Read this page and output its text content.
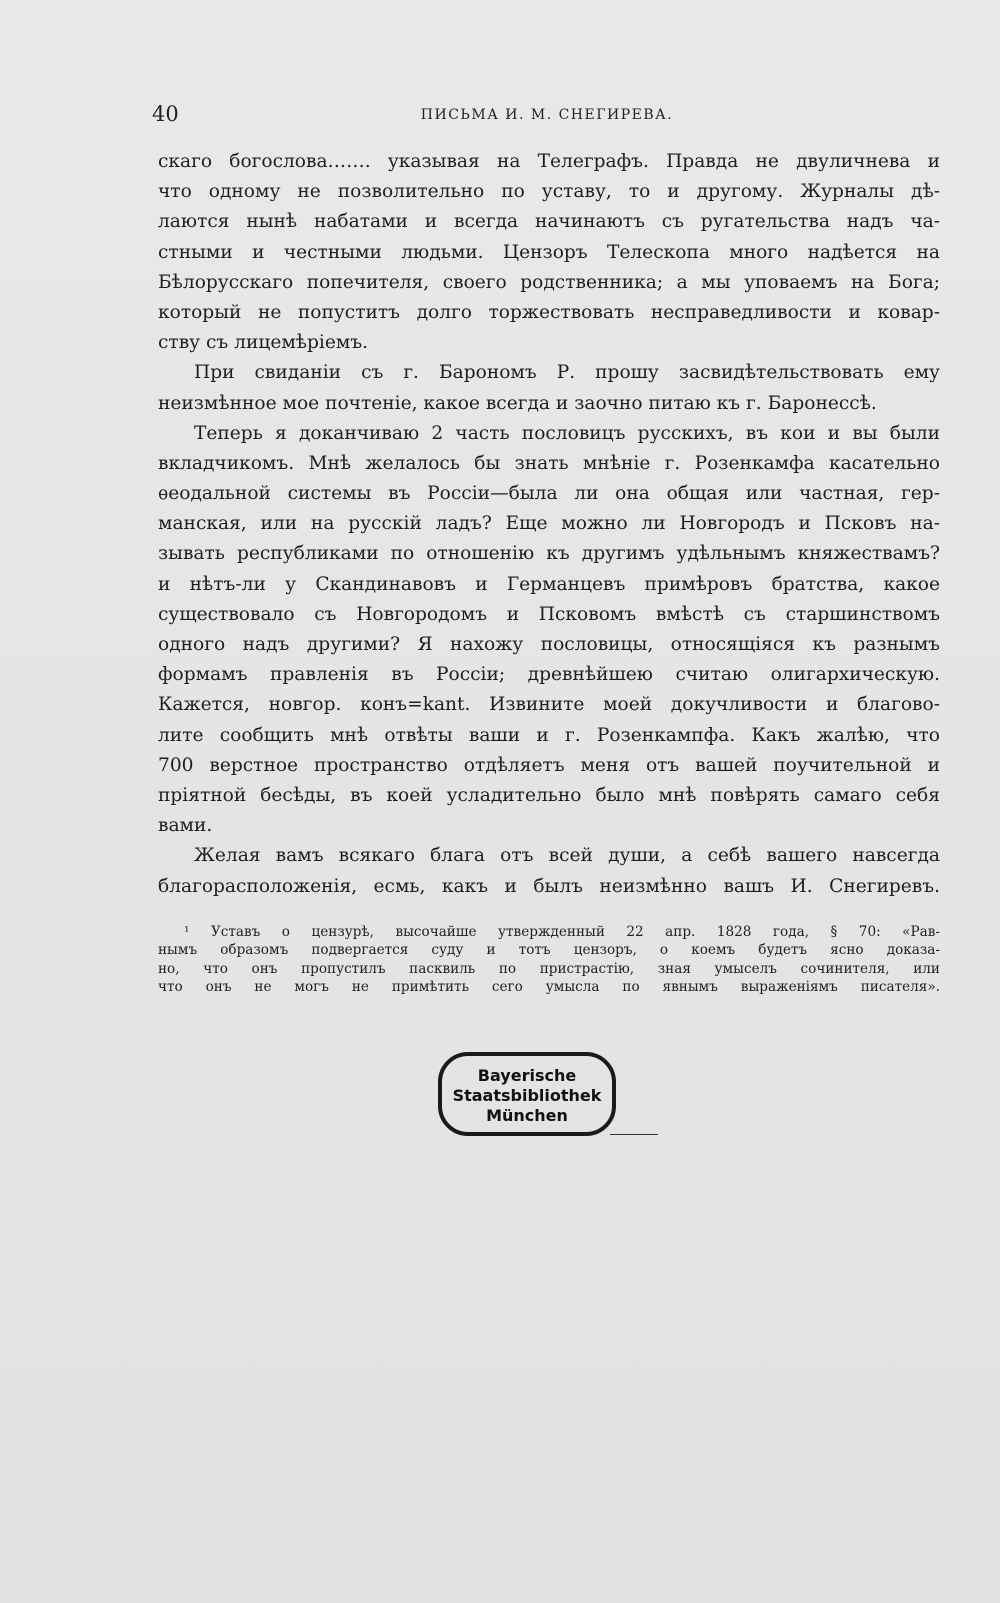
40	ПИСЬМА И. М. СНЕГИРЕВА.
скаго богослова……. указывая на Телеграфъ. Правда не двуличнева и
что одному не позволительно по уставу, то и другому. Журналы дѣ-
лаются нынѣ набатами и всегда начинаютъ съ ругательства надъ ча-
стными и честными людьми. Цензоръ Телескопа много надѣется на
Бѣлорусскаго попечителя, своего родственника; а мы уповаемъ на Бога;
который не попуститъ долго торжествовать несправедливости и ковар-
ству съ лицемѣріемъ.
При свиданіи съ г. Барономъ Р. прошу засвидѣтельствовать ему
неизмѣнное мое почтеніе, какое всегда и заочно питаю къ г. Баронессѣ.
Теперь я доканчиваю 2 часть пословицъ русскихъ, въ кои и вы были
вкладчикомъ. Мнѣ желалось бы знать мнѣніе г. Розенкамфа касательно
ѳеодальной системы въ Россіи—была ли она общая или частная, гер-
манская, или на русскій ладъ? Еще можно ли Новгородъ и Псковъ на-
зывать республиками по отношенію къ другимъ удѣльнымъ княжествамъ?
и нѣтъ-ли у Скандинавовъ и Германцевъ примѣровъ братства, какое
существовало съ Новгородомъ и Псковомъ вмѣстѣ съ старшинствомъ
одного надъ другими? Я нахожу пословицы, относящіяся къ разнымъ
формамъ правленія въ Россіи; древнѣйшею считаю олигархическую.
Кажется, новгор. конъ=kant. Извините моей докучливости и благово-
лите сообщить мнѣ отвѣты ваши и г. Розенкампфа. Какъ жалѣю, что
700 верстное пространство отдѣляетъ меня отъ вашей поучительной и
пріятной бесѣды, въ коей усладительно было мнѣ повѣрять самаго себя
вами.
Желая вамъ всякаго блага отъ всей души, а себѣ вашего навсегда
благорасположенія, есмь, какъ и былъ неизмѣнно вашъ И. Снегиревъ.
¹ Уставъ о цензурѣ, высочайше утвержденный 22 апр. 1828 года, § 70: «Рав-
нымъ образомъ подвергается суду и тотъ цензоръ, о коемъ будетъ ясно доказа-
но, что онъ пропустилъ пасквиль по пристрастію, зная умыселъ сочинителя, или
что онъ не могъ не примѣтить сего умысла по явнымъ выраженіямъ писателя».
Bayerische
Staatsbibliothek
München
